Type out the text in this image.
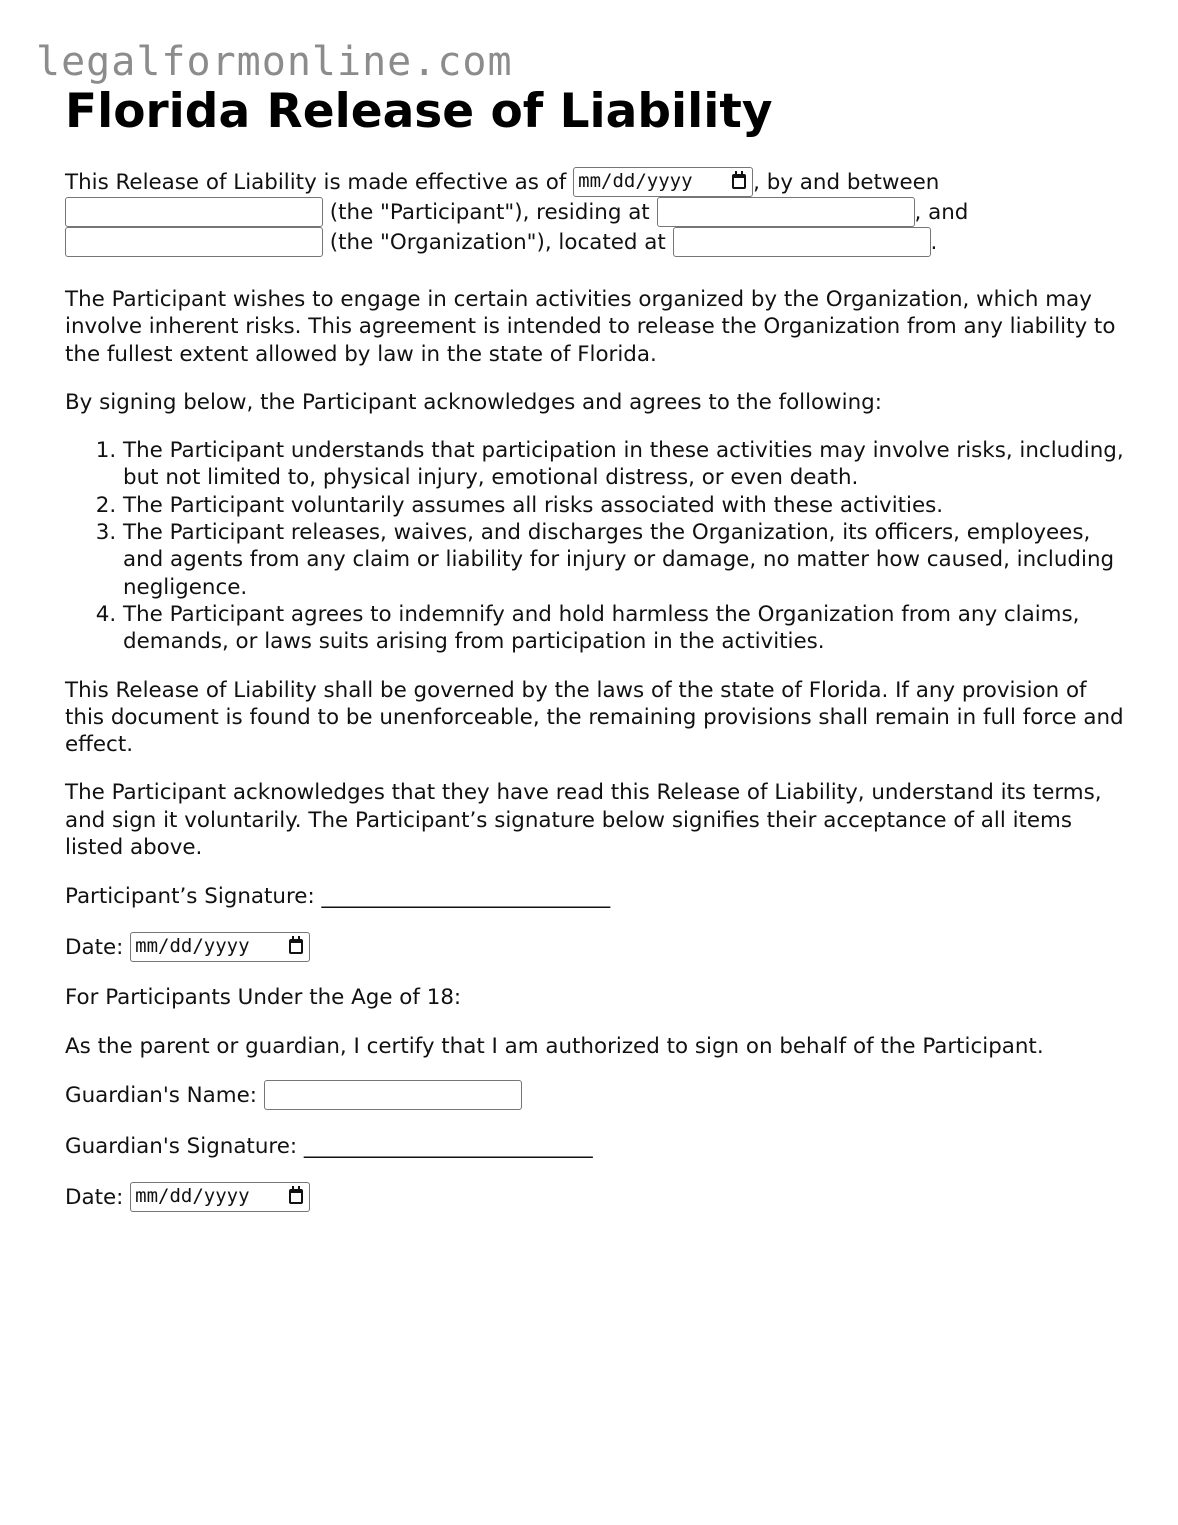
legalformonline.com
Florida Release of Liability

This Release of Liability is made effective as of mm/dd/yyyy	, by and between
(the "Participant"), residing at	, and
(the "Organization"), located at	.

The Participant wishes to engage in certain activities organized by the Organization, which may involve inherent risks. This agreement is intended to release the Organization from any liability to the fullest extent allowed by law in the state of Florida.

By signing below, the Participant acknowledges and agrees to the following:

1. The Participant understands that participation in these activities may involve risks, including, but not limited to, physical injury, emotional distress, or even death.
2. The Participant voluntarily assumes all risks associated with these activities.
3. The Participant releases, waives, and discharges the Organization, its officers, employees, and agents from any claim or liability for injury or damage, no matter how caused, including negligence.
4. The Participant agrees to indemnify and hold harmless the Organization from any claims, demands, or laws suits arising from participation in the activities.

This Release of Liability shall be governed by the laws of the state of Florida. If any provision of this document is found to be unenforceable, the remaining provisions shall remain in full force and effect.

The Participant acknowledges that they have read this Release of Liability, understand its terms, and sign it voluntarily. The Participant’s signature below signifies their acceptance of all items listed above.

Participant’s Signature: ___________________________

Date: mm/dd/yyyy

For Participants Under the Age of 18:

As the parent or guardian, I certify that I am authorized to sign on behalf of the Participant.

Guardian's Name:

Guardian's Signature: ___________________________

Date: mm/dd/yyyy
